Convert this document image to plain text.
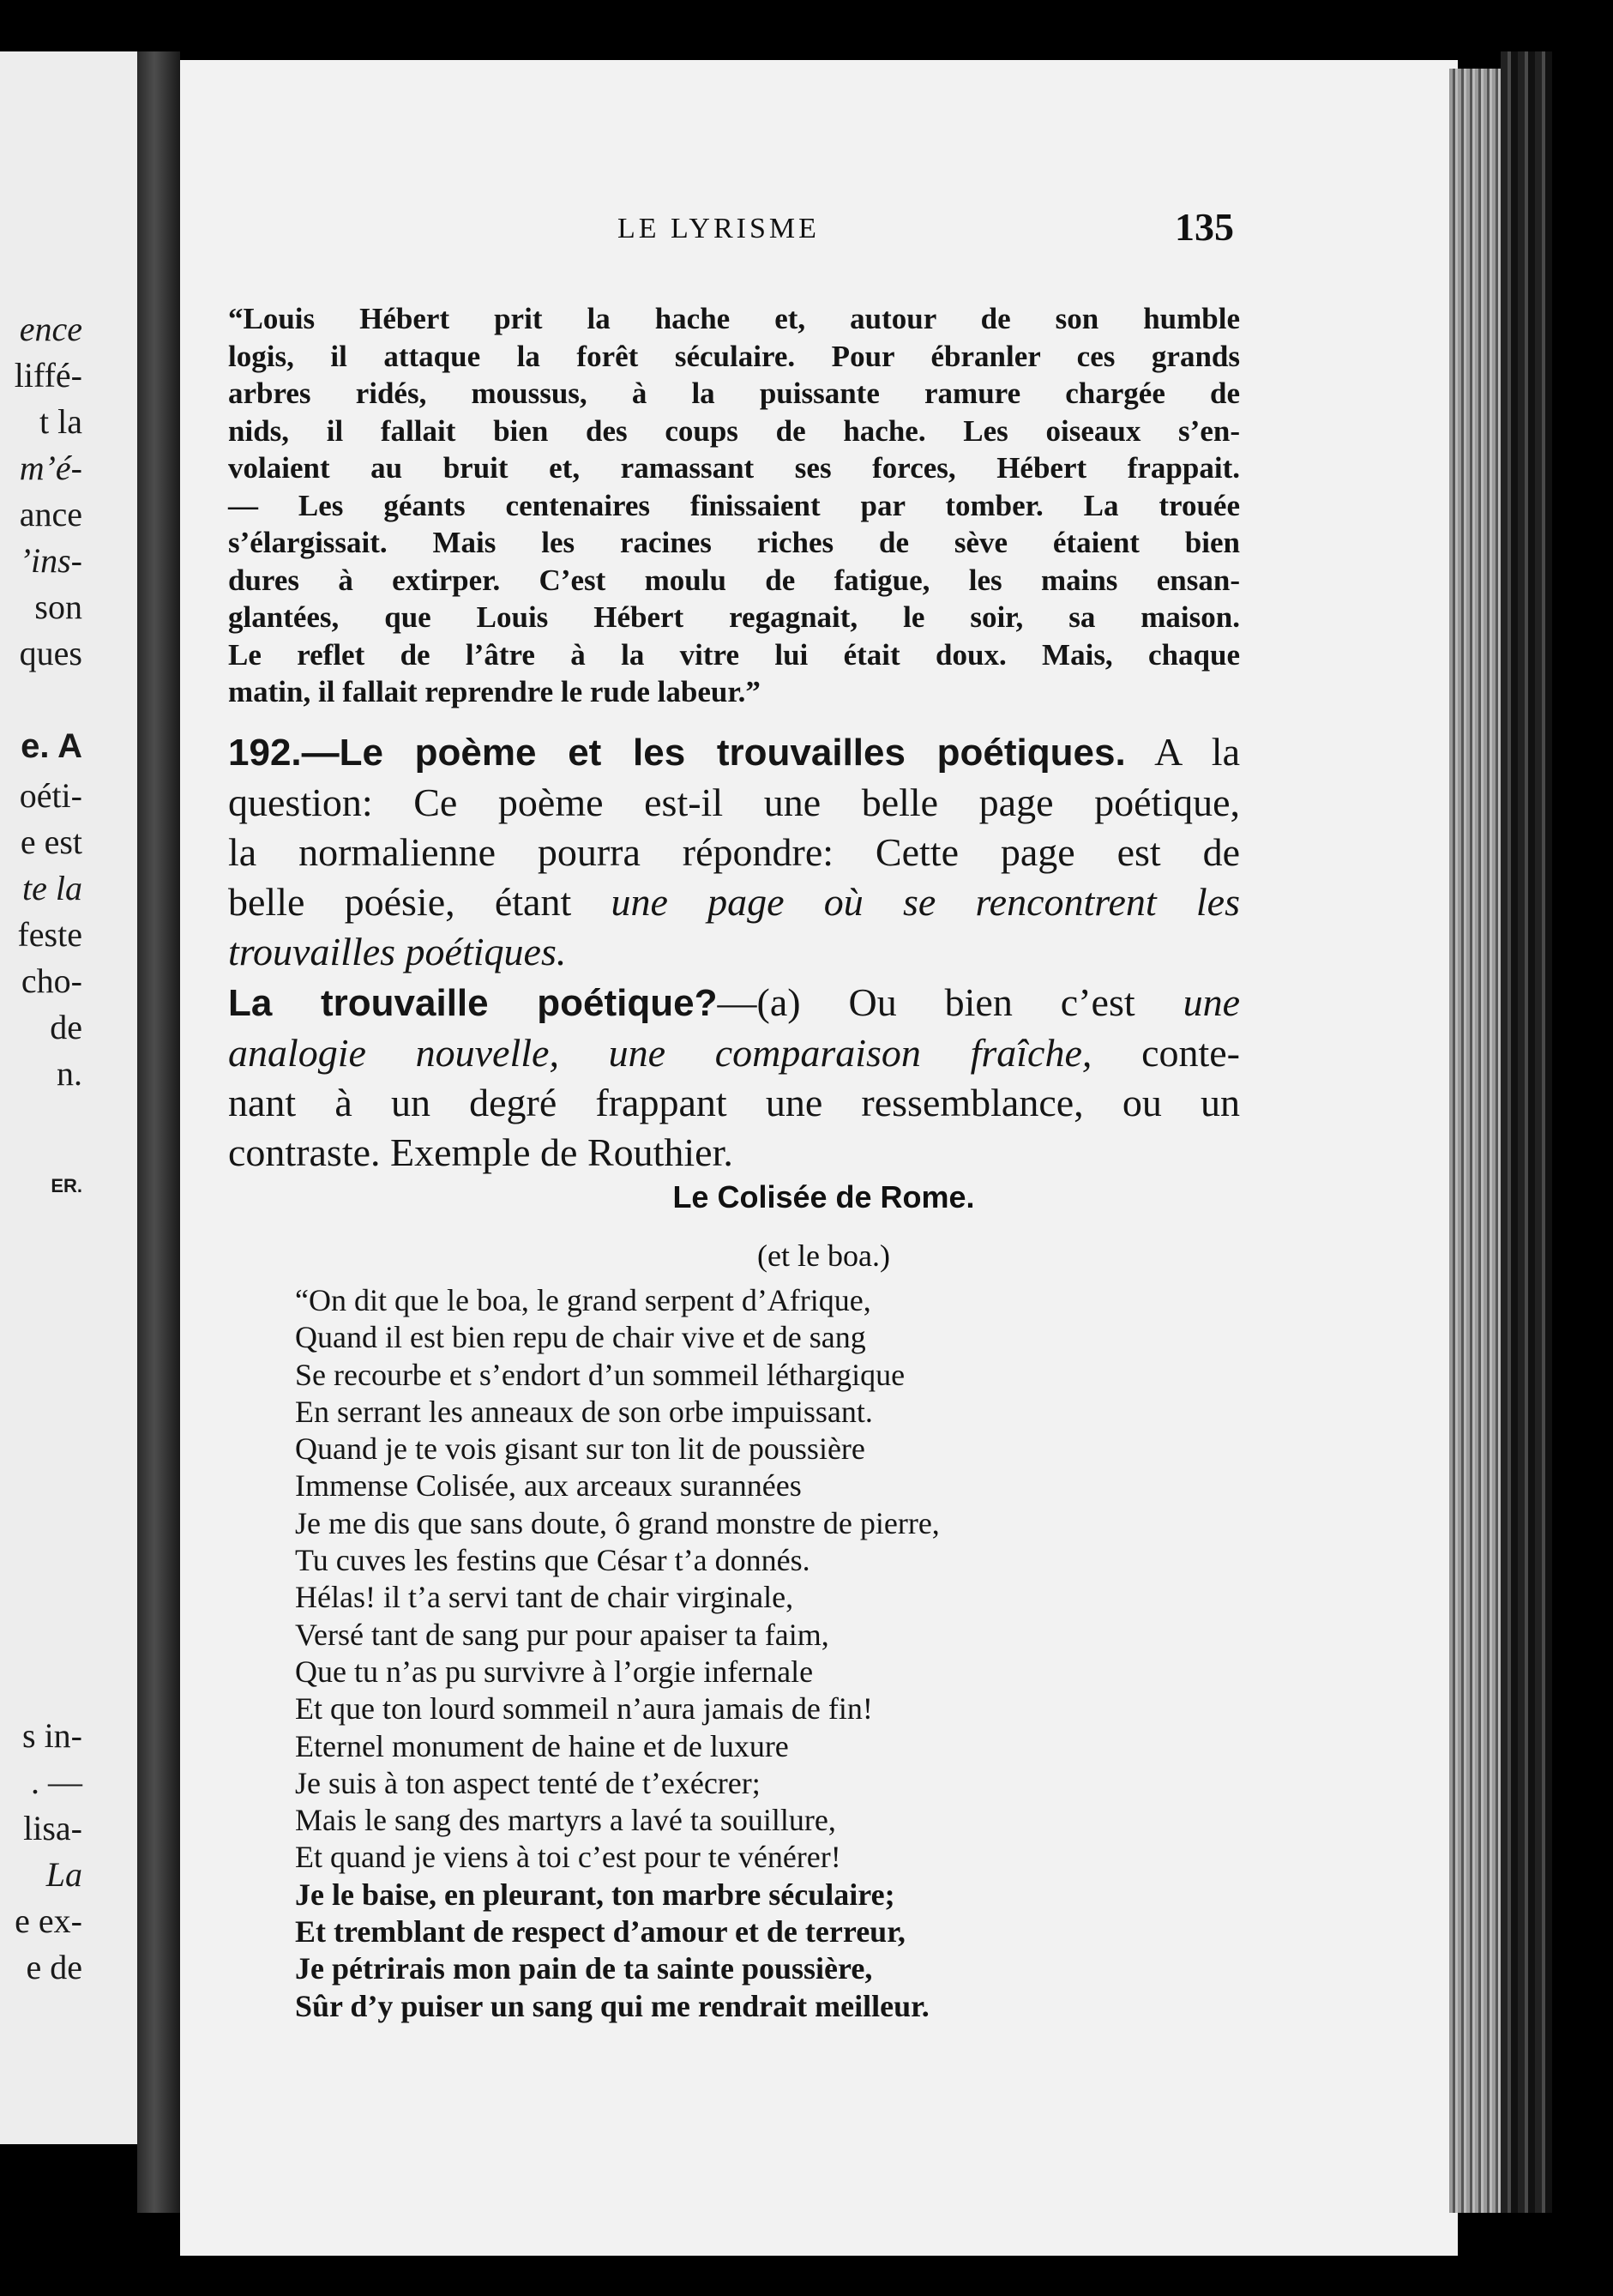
ence
liffé-
t la
m’é-
ance
’ins-
son
ques
e. A
oéti-
e est
te la
feste
cho-
de
n.
ER.
s in-
. —
lisa-
La
e ex-
e de
LE LYRISME	135
“Louis Hébert prit la hache et, autour de son humble
logis, il attaque la forêt séculaire. Pour ébranler ces grands
arbres ridés, moussus, à la puissante ramure chargée de
nids, il fallait bien des coups de hache. Les oiseaux s’en-
volaient au bruit et, ramassant ses forces, Hébert frappait.
— Les géants centenaires finissaient par tomber. La trouée
s’élargissait. Mais les racines riches de sève étaient bien
dures à extirper. C’est moulu de fatigue, les mains ensan-
glantées, que Louis Hébert regagnait, le soir, sa maison.
Le reflet de l’âtre à la vitre lui était doux. Mais, chaque
matin, il fallait reprendre le rude labeur.”
192.—Le poème et les trouvailles poétiques. A la
question: Ce poème est-il une belle page poétique,
la normalienne pourra répondre: Cette page est de
belle poésie, étant une page où se rencontrent les
trouvailles poétiques.
La trouvaille poétique?—(a) Ou bien c’est une
analogie nouvelle, une comparaison fraîche, conte-
nant à un degré frappant une ressemblance, ou un
contraste. Exemple de Routhier.
Le Colisée de Rome.
(et le boa.)
“On dit que le boa, le grand serpent d’Afrique,
Quand il est bien repu de chair vive et de sang
Se recourbe et s’endort d’un sommeil léthargique
En serrant les anneaux de son orbe impuissant.
Quand je te vois gisant sur ton lit de poussière
Immense Colisée, aux arceaux surannées
Je me dis que sans doute, ô grand monstre de pierre,
Tu cuves les festins que César t’a donnés.
Hélas! il t’a servi tant de chair virginale,
Versé tant de sang pur pour apaiser ta faim,
Que tu n’as pu survivre à l’orgie infernale
Et que ton lourd sommeil n’aura jamais de fin!
Eternel monument de haine et de luxure
Je suis à ton aspect tenté de t’exécrer;
Mais le sang des martyrs a lavé ta souillure,
Et quand je viens à toi c’est pour te vénérer!
Je le baise, en pleurant, ton marbre séculaire;
Et tremblant de respect d’amour et de terreur,
Je pétrirais mon pain de ta sainte poussière,
Sûr d’y puiser un sang qui me rendrait meilleur.
